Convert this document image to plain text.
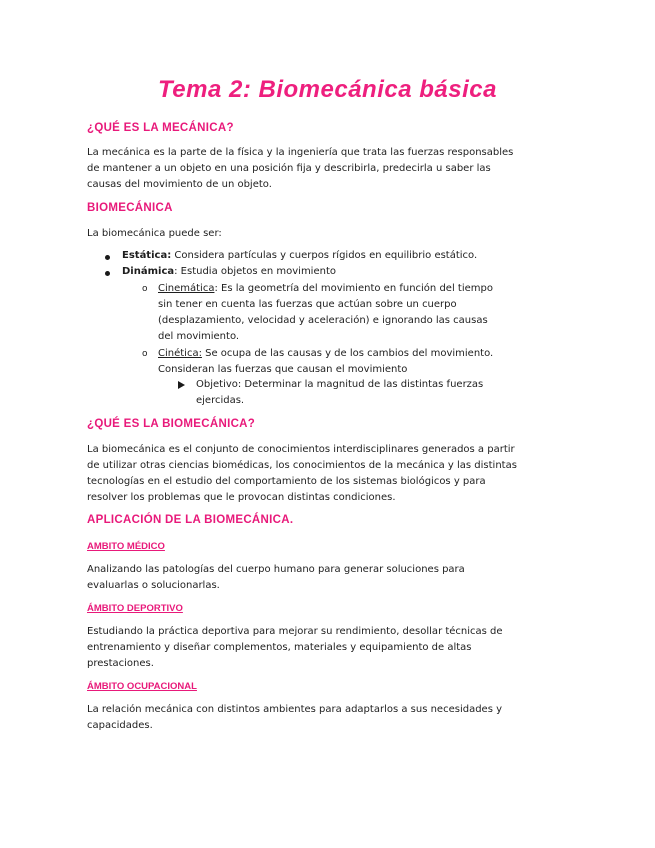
Tema 2: Biomecánica básica
¿QUÉ ES LA MECÁNICA?

La mecánica es la parte de la física y la ingeniería que trata las fuerzas responsables de mantener a un objeto en una posición fija y describirla, predecirla u saber las causas del movimiento de un objeto.

BIOMECÁNICA

La biomecánica puede ser:

Estática: Considera partículas y cuerpos rígidos en equilibrio estático.
Dinámica: Estudia objetos en movimiento
o Cinemática: Es la geometría del movimiento en función del tiempo sin tener en cuenta las fuerzas que actúan sobre un cuerpo (desplazamiento, velocidad y aceleración) e ignorando las causas del movimiento.
o Cinética: Se ocupa de las causas y de los cambios del movimiento. Consideran las fuerzas que causan el movimiento
Objetivo: Determinar la magnitud de las distintas fuerzas ejercidas.
¿QUÉ ES LA BIOMECÁNICA?

La biomecánica es el conjunto de conocimientos interdisciplinares generados a partir de utilizar otras ciencias biomédicas, los conocimientos de la mecánica y las distintas tecnologías en el estudio del comportamiento de los sistemas biológicos y para resolver los problemas que le provocan distintas condiciones.

APLICACIÓN DE LA BIOMECÁNICA.
AMBITO MÉDICO

Analizando las patologías del cuerpo humano para generar soluciones para evaluarlas o solucionarlas.

ÁMBITO DEPORTIVO

Estudiando la práctica deportiva para mejorar su rendimiento, desollar técnicas de entrenamiento y diseñar complementos, materiales y equipamiento de altas prestaciones.

ÁMBITO OCUPACIONAL

La relación mecánica con distintos ambientes para adaptarlos a sus necesidades y capacidades.
